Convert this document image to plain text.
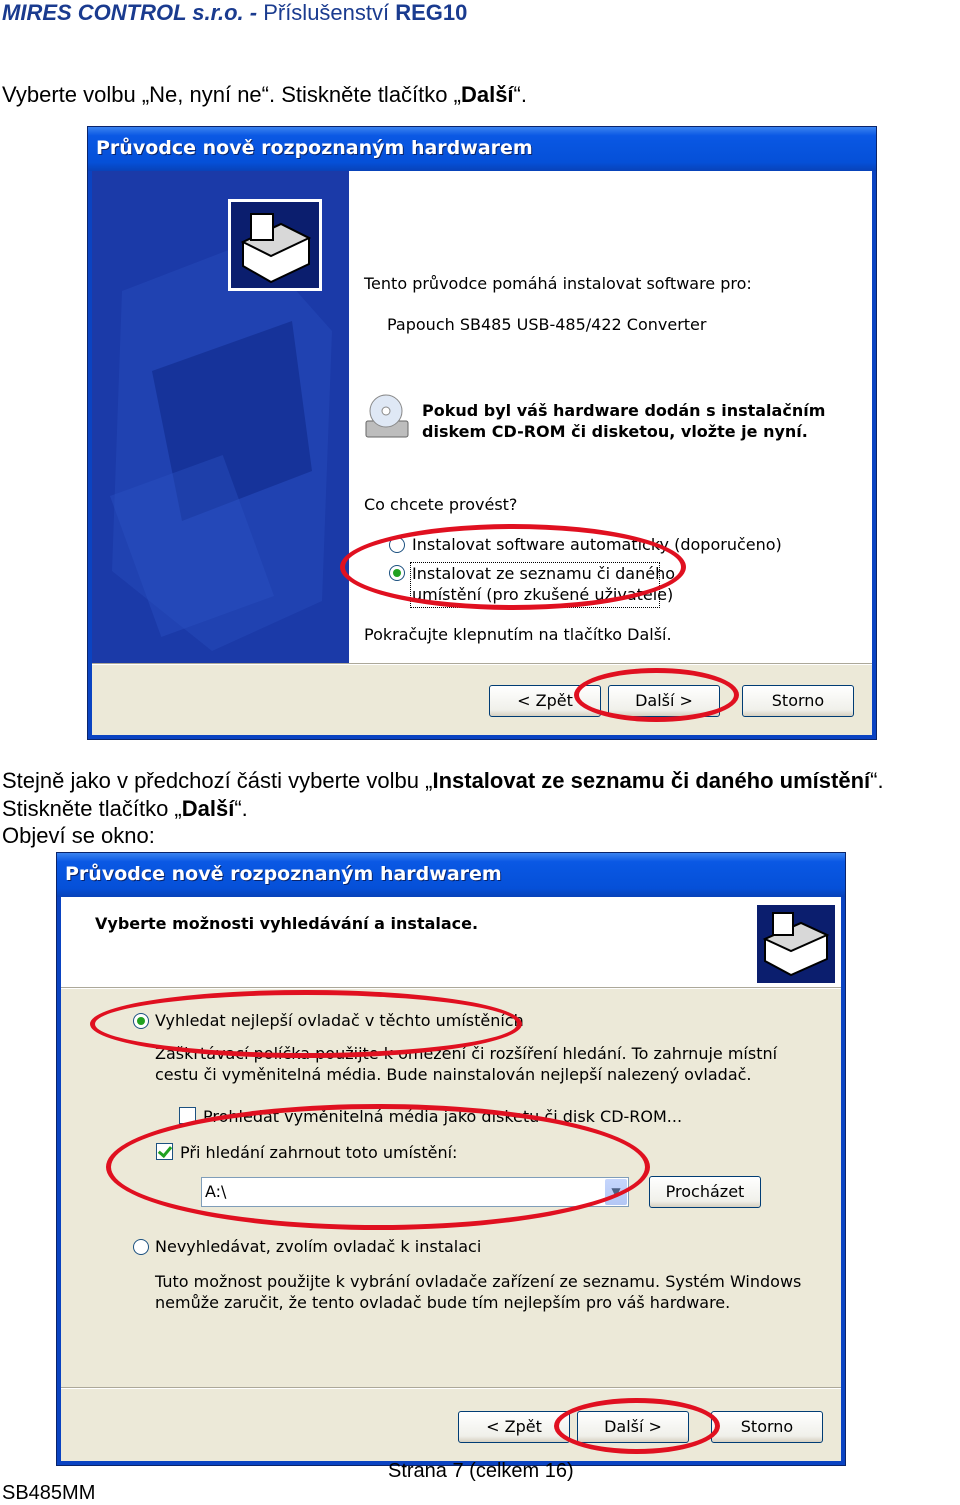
MIRES CONTROL s.r.o. - Příslušenství REG10
Vyberte volbu „Ne, nyní ne“. Stiskněte tlačítko „Další“.
Průvodce nově rozpoznaným hardwarem
Tento průvodce pomáhá instalovat software pro:
Papouch SB485 USB-485/422 Converter
Pokud byl váš hardware dodán s instalačním
diskem CD-ROM či disketou, vložte je nyní.
Co chcete provést?
Instalovat software automaticky (doporučeno)
Instalovat ze seznamu či daného
umístění (pro zkušené uživatele)
Pokračujte klepnutím na tlačítko Další.
< Zpět	Další >	Storno
Stejně jako v předchozí části vyberte volbu „Instalovat ze seznamu či daného umístění“.
Stiskněte tlačítko „Další“.
Objeví se okno:
Průvodce nově rozpoznaným hardwarem
Vyberte možnosti vyhledávání a instalace.
Vyhledat nejlepší ovladač v těchto umístěních
Zaškrtávací políčka použijte k omezení či rozšíření hledání. To zahrnuje místní
cestu či vyměnitelná média. Bude nainstalován nejlepší nalezený ovladač.
Prohledat vyměnitelná média jako disketu či disk CD-ROM...
Při hledání zahrnout toto umístění:
A:\	▼	Procházet
Nevyhledávat, zvolím ovladač k instalaci
Tuto možnost použijte k vybrání ovladače zařízení ze seznamu. Systém Windows
nemůže zaručit, že tento ovladač bude tím nejlepším pro váš hardware.
< Zpět	Další >	Storno
Strana 7 (celkem 16)
SB485MM
